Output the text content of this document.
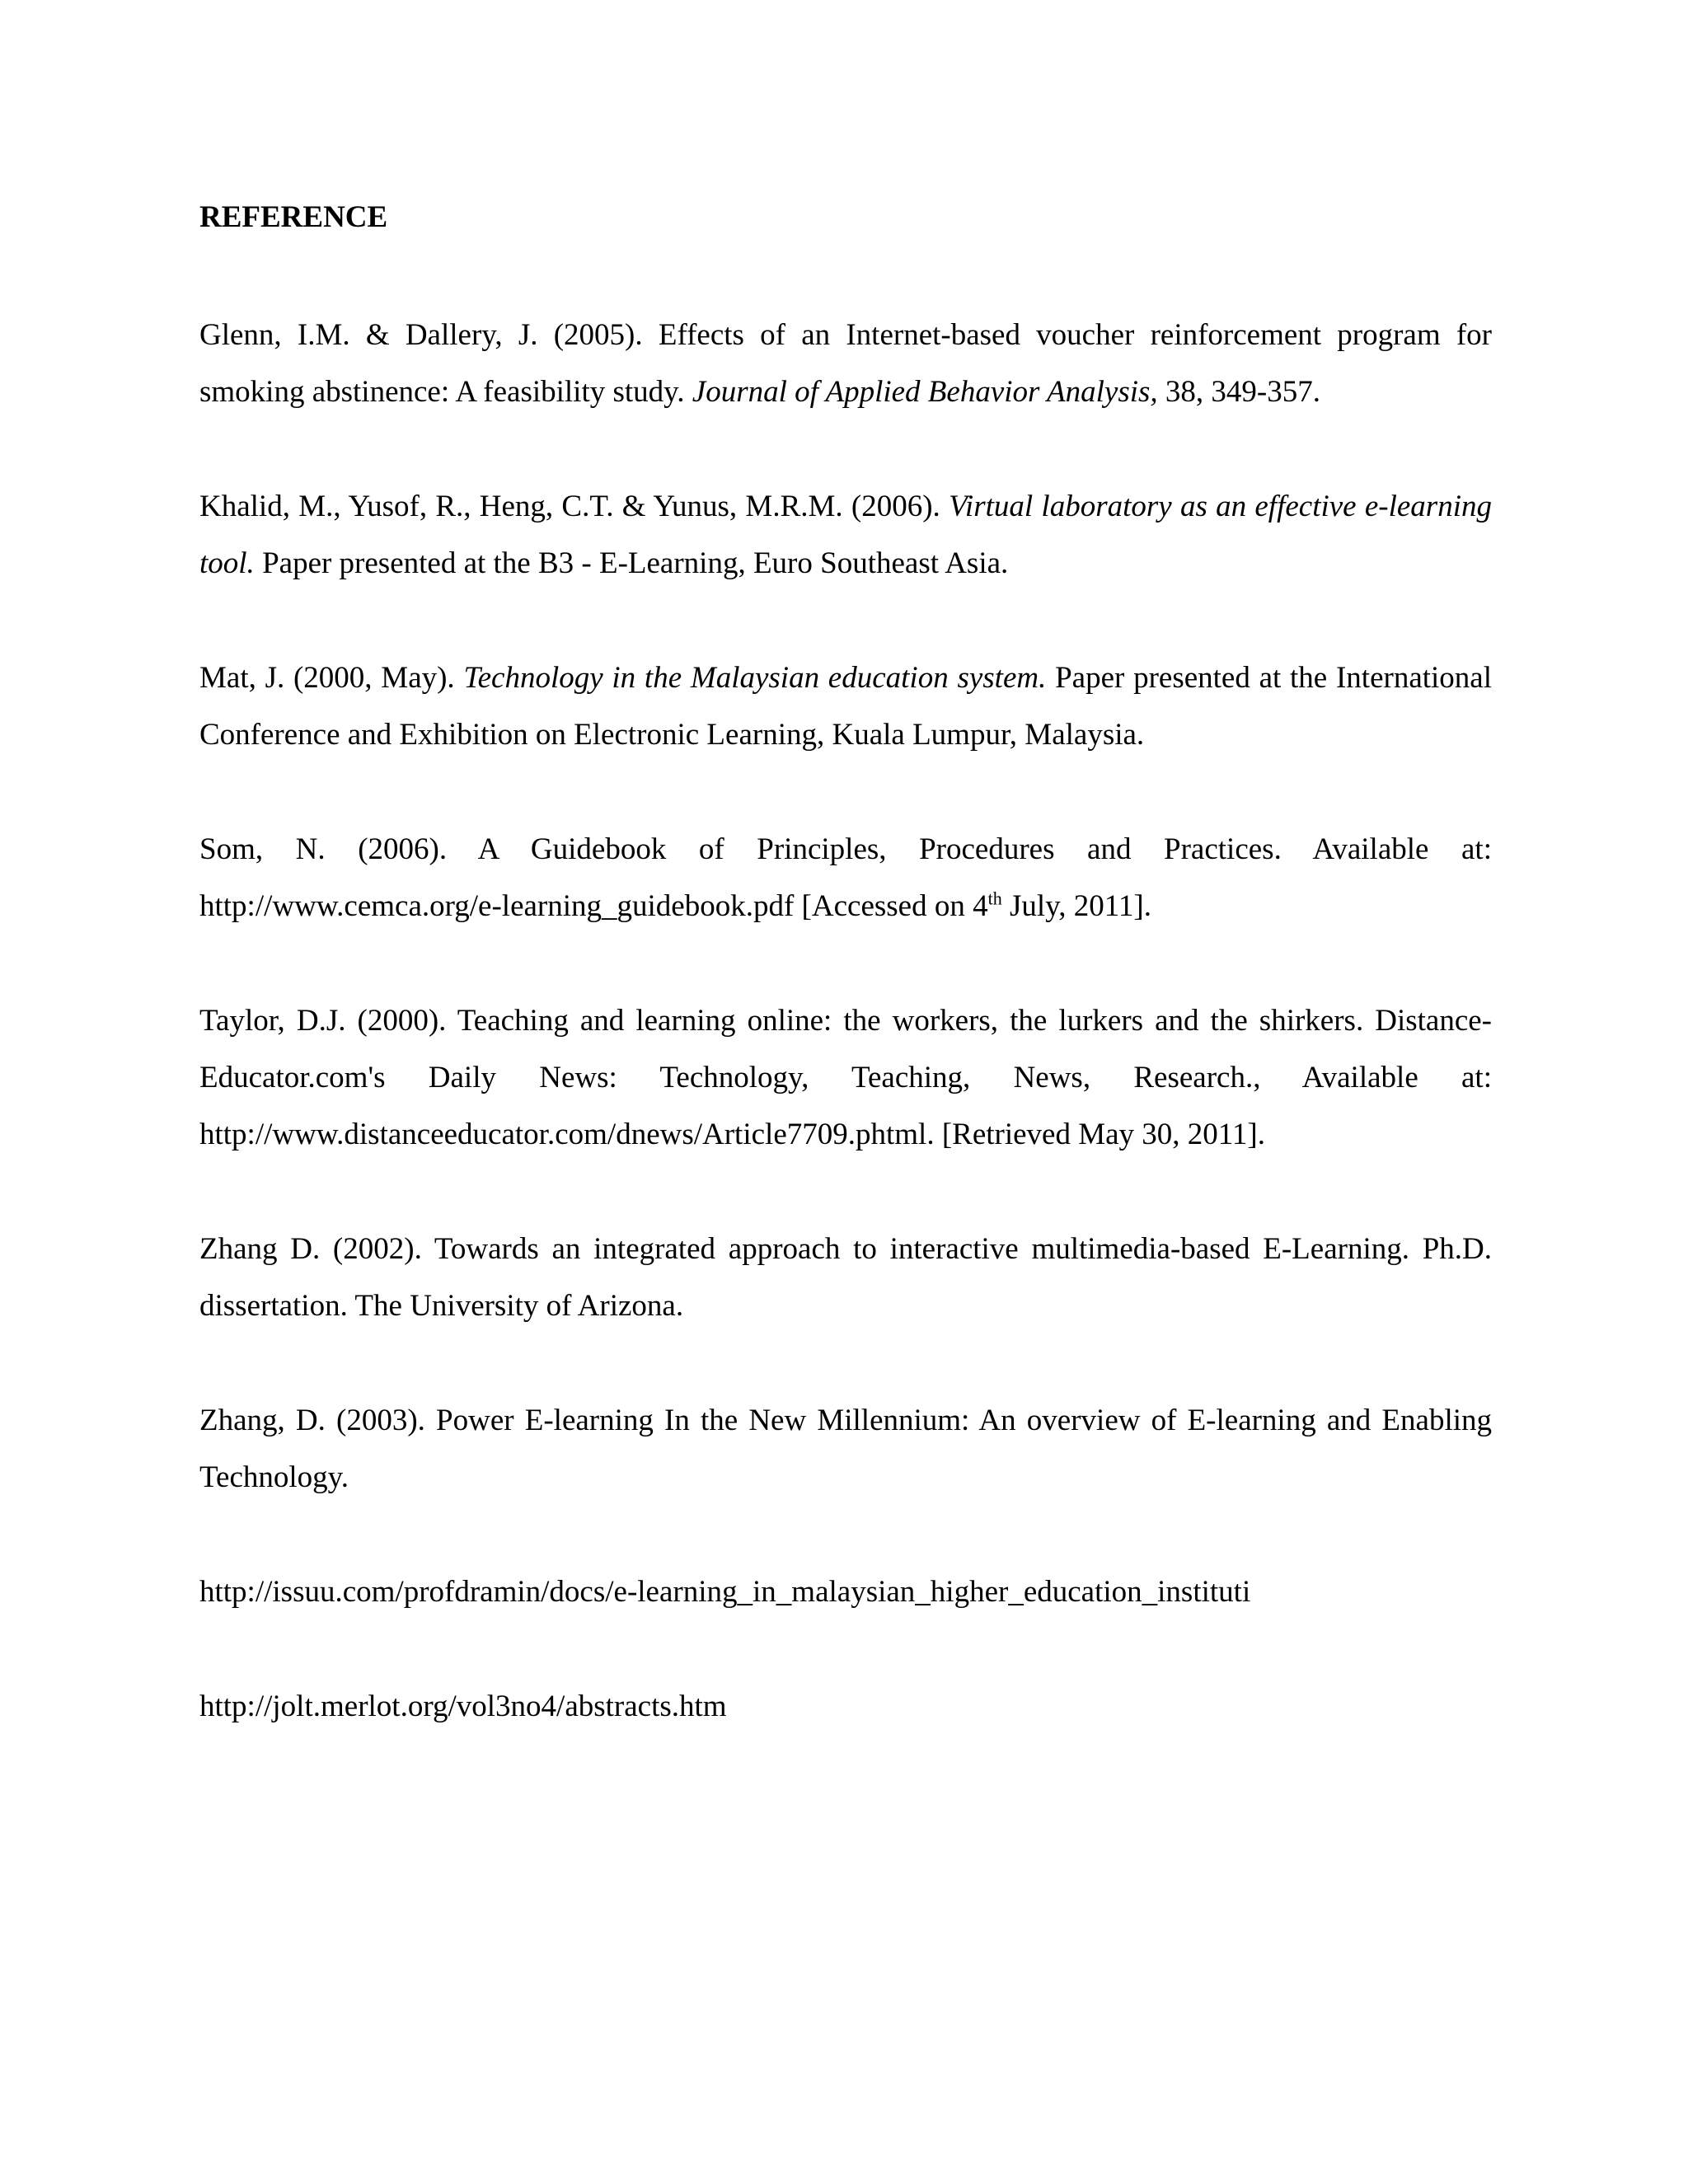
REFERENCE

Glenn, I.M. & Dallery, J. (2005). Effects of an Internet-based voucher reinforcement program for smoking abstinence: A feasibility study. Journal of Applied Behavior Analysis, 38, 349-357.

Khalid, M., Yusof, R., Heng, C.T. & Yunus, M.R.M. (2006). Virtual laboratory as an effective e-learning tool. Paper presented at the B3 - E-Learning, Euro Southeast Asia.

Mat, J. (2000, May). Technology in the Malaysian education system. Paper presented at the International Conference and Exhibition on Electronic Learning, Kuala Lumpur, Malaysia.

Som, N. (2006). A Guidebook of Principles, Procedures and Practices. Available at: http://www.cemca.org/e-learning_guidebook.pdf [Accessed on 4th July, 2011].

Taylor, D.J. (2000). Teaching and learning online: the workers, the lurkers and the shirkers. Distance-Educator.com's Daily News: Technology, Teaching, News, Research., Available at: http://www.distanceeducator.com/dnews/Article7709.phtml. [Retrieved May 30, 2011].

Zhang D. (2002). Towards an integrated approach to interactive multimedia-based E-Learning. Ph.D. dissertation. The University of Arizona.

Zhang, D. (2003). Power E-learning In the New Millennium: An overview of E-learning and Enabling Technology.

http://issuu.com/profdramin/docs/e-learning_in_malaysian_higher_education_instituti
http://jolt.merlot.org/vol3no4/abstracts.htm
